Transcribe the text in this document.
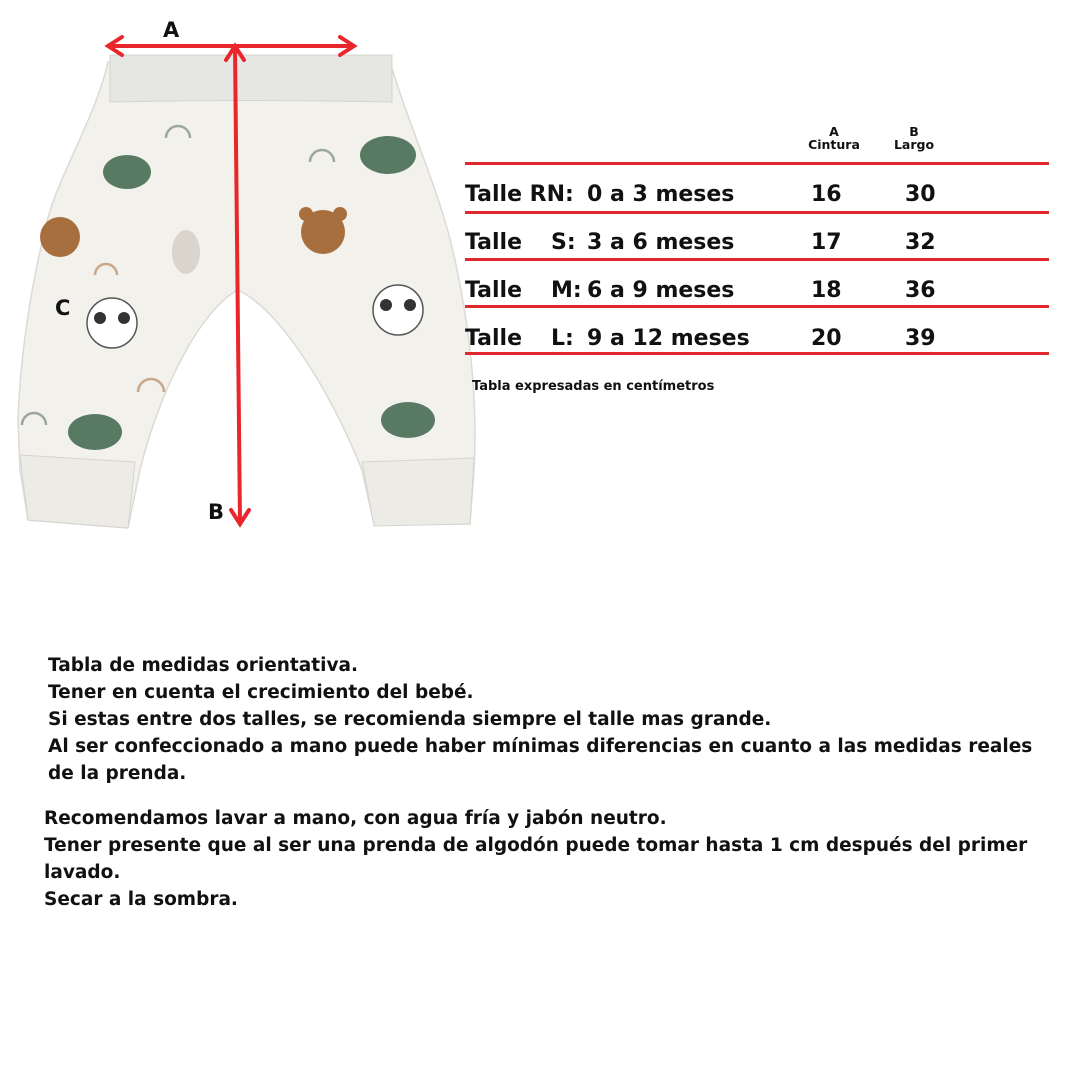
A
B
C
A
Cintura
B
Largo
Talle RN: 0 a 3 meses	16	30
Talle S: 3 a 6 meses	17	32
Talle M: 6 a 9 meses	18	36
Talle L: 9 a 12 meses	20	39
Tabla expresadas en centímetros

Tabla de medidas orientativa.

Tener en cuenta el crecimiento del bebé.

Si estas entre dos talles, se recomienda siempre el talle mas grande.

Al ser confeccionado a mano puede haber mínimas diferencias en cuanto a las medidas reales de la prenda.

Recomendamos lavar a mano, con agua fría y jabón neutro.

Tener presente que al ser una prenda de algodón puede tomar hasta 1 cm después del primer lavado.

Secar a la sombra.
